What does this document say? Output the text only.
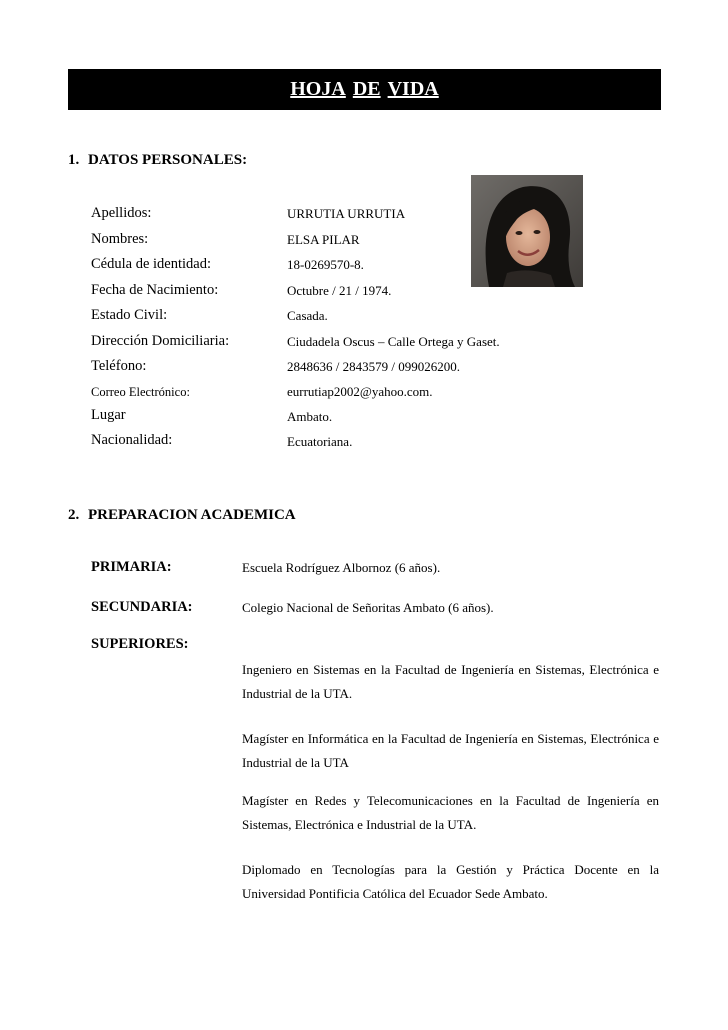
HOJA DE VIDA
1. DATOS PERSONALES:
Apellidos:	URRUTIA URRUTIA
Nombres:	ELSA PILAR
Cédula de identidad:	18-0269570-8.
Fecha de Nacimiento:	Octubre / 21 / 1974.
Estado Civil:	Casada.
Dirección Domiciliaria:	Ciudadela Oscus – Calle Ortega y Gaset.
Teléfono:	2848636 / 2843579 / 099026200.
Correo Electrónico:	eurrutiap2002@yahoo.com.
Lugar	Ambato.
Nacionalidad:	Ecuatoriana.
2. PREPARACION ACADEMICA
PRIMARIA:	Escuela Rodríguez Albornoz (6 años).
SECUNDARIA:	Colegio Nacional de Señoritas Ambato (6 años).
SUPERIORES:
Ingeniero en Sistemas en la Facultad de Ingeniería en Sistemas, Electrónica e Industrial de la UTA.
Magíster en Informática en la Facultad de Ingeniería en Sistemas, Electrónica e Industrial de la UTA
Magíster en Redes y Telecomunicaciones en la Facultad de Ingeniería en Sistemas, Electrónica e Industrial de la UTA.
Diplomado en Tecnologías para la Gestión y Práctica Docente en la Universidad Pontificia Católica del Ecuador Sede Ambato.
